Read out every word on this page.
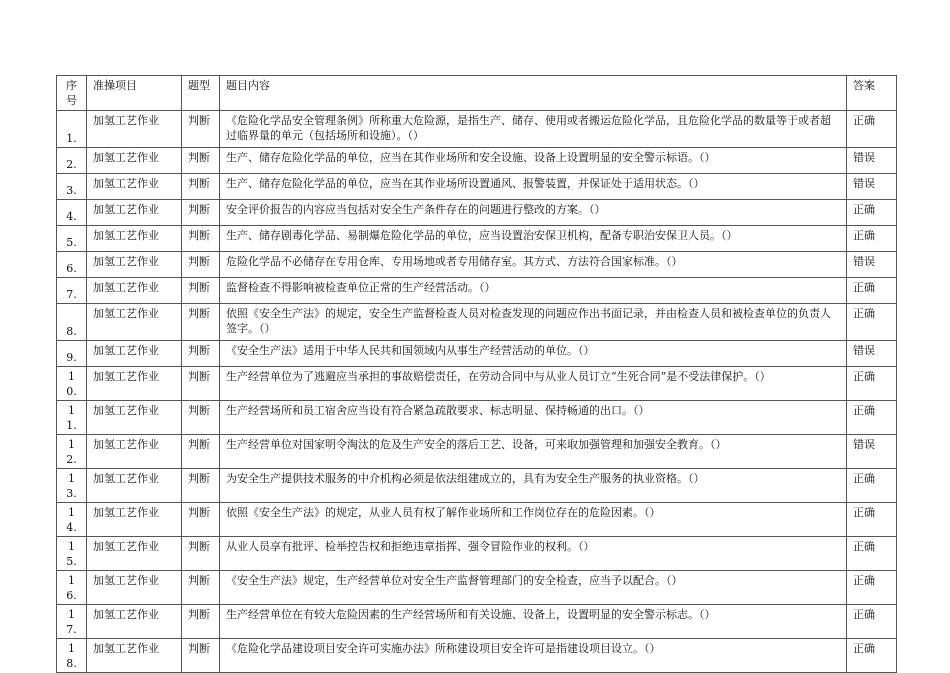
序号	准操项目	题型	题目内容	答案
1.	加氢工艺作业	判断	《危险化学品安全管理条例》所称重大危险源，是指生产、储存、使用或者搬运危险化学品，且危险化学品的数量等于或者超过临界量的单元（包括场所和设施）。（）	正确
2.	加氢工艺作业	判断	生产、储存危险化学品的单位，应当在其作业场所和安全设施、设备上设置明显的安全警示标语。（）	错误
3.	加氢工艺作业	判断	生产、储存危险化学品的单位，应当在其作业场所设置通风、报警装置，并保证处于适用状态。（）	错误
4.	加氢工艺作业	判断	安全评价报告的内容应当包括对安全生产条件存在的问题进行整改的方案。（）	正确
5.	加氢工艺作业	判断	生产、储存剧毒化学品、易制爆危险化学品的单位，应当设置治安保卫机构，配备专职治安保卫人员。（）	正确
6.	加氢工艺作业	判断	危险化学品不必储存在专用仓库、专用场地或者专用储存室。其方式、方法符合国家标准。（）	错误
7.	加氢工艺作业	判断	监督检查不得影响被检查单位正常的生产经营活动。（）	正确
8.	加氢工艺作业	判断	依照《安全生产法》的规定，安全生产监督检查人员对检查发现的问题应作出书面记录，并由检查人员和被检查单位的负责人签字。（）	正确
9.	加氢工艺作业	判断	《安全生产法》适用于中华人民共和国领域内从事生产经营活动的单位。（）	错误
10.	加氢工艺作业	判断	生产经营单位为了逃避应当承担的事故赔偿责任，在劳动合同中与从业人员订立“生死合同”是不受法律保护。（）	正确
11.	加氢工艺作业	判断	生产经营场所和员工宿舍应当设有符合紧急疏散要求、标志明显、保持畅通的出口。（）	正确
12.	加氢工艺作业	判断	生产经营单位对国家明令淘汰的危及生产安全的落后工艺、设备，可来取加强管理和加强安全教育。（）	错误
13.	加氢工艺作业	判断	为安全生产提供技术服务的中介机构必须是依法组建成立的，具有为安全生产服务的执业资格。（）	正确
14.	加氢工艺作业	判断	依照《安全生产法》的规定，从业人员有权了解作业场所和工作岗位存在的危险因素。（）	正确
15.	加氢工艺作业	判断	从业人员享有批评、检举控告权和拒绝违章指挥、强令冒险作业的权利。（）	正确
16.	加氢工艺作业	判断	《安全生产法》规定，生产经营单位对安全生产监督管理部门的安全检查，应当予以配合。（）	正确
17.	加氢工艺作业	判断	生产经营单位在有较大危险因素的生产经营场所和有关设施、设备上，设置明显的安全警示标志。（）	正确
18.	加氢工艺作业	判断	《危险化学品建设项目安全许可实施办法》所称建设项目安全许可是指建设项目设立。（）	正确
